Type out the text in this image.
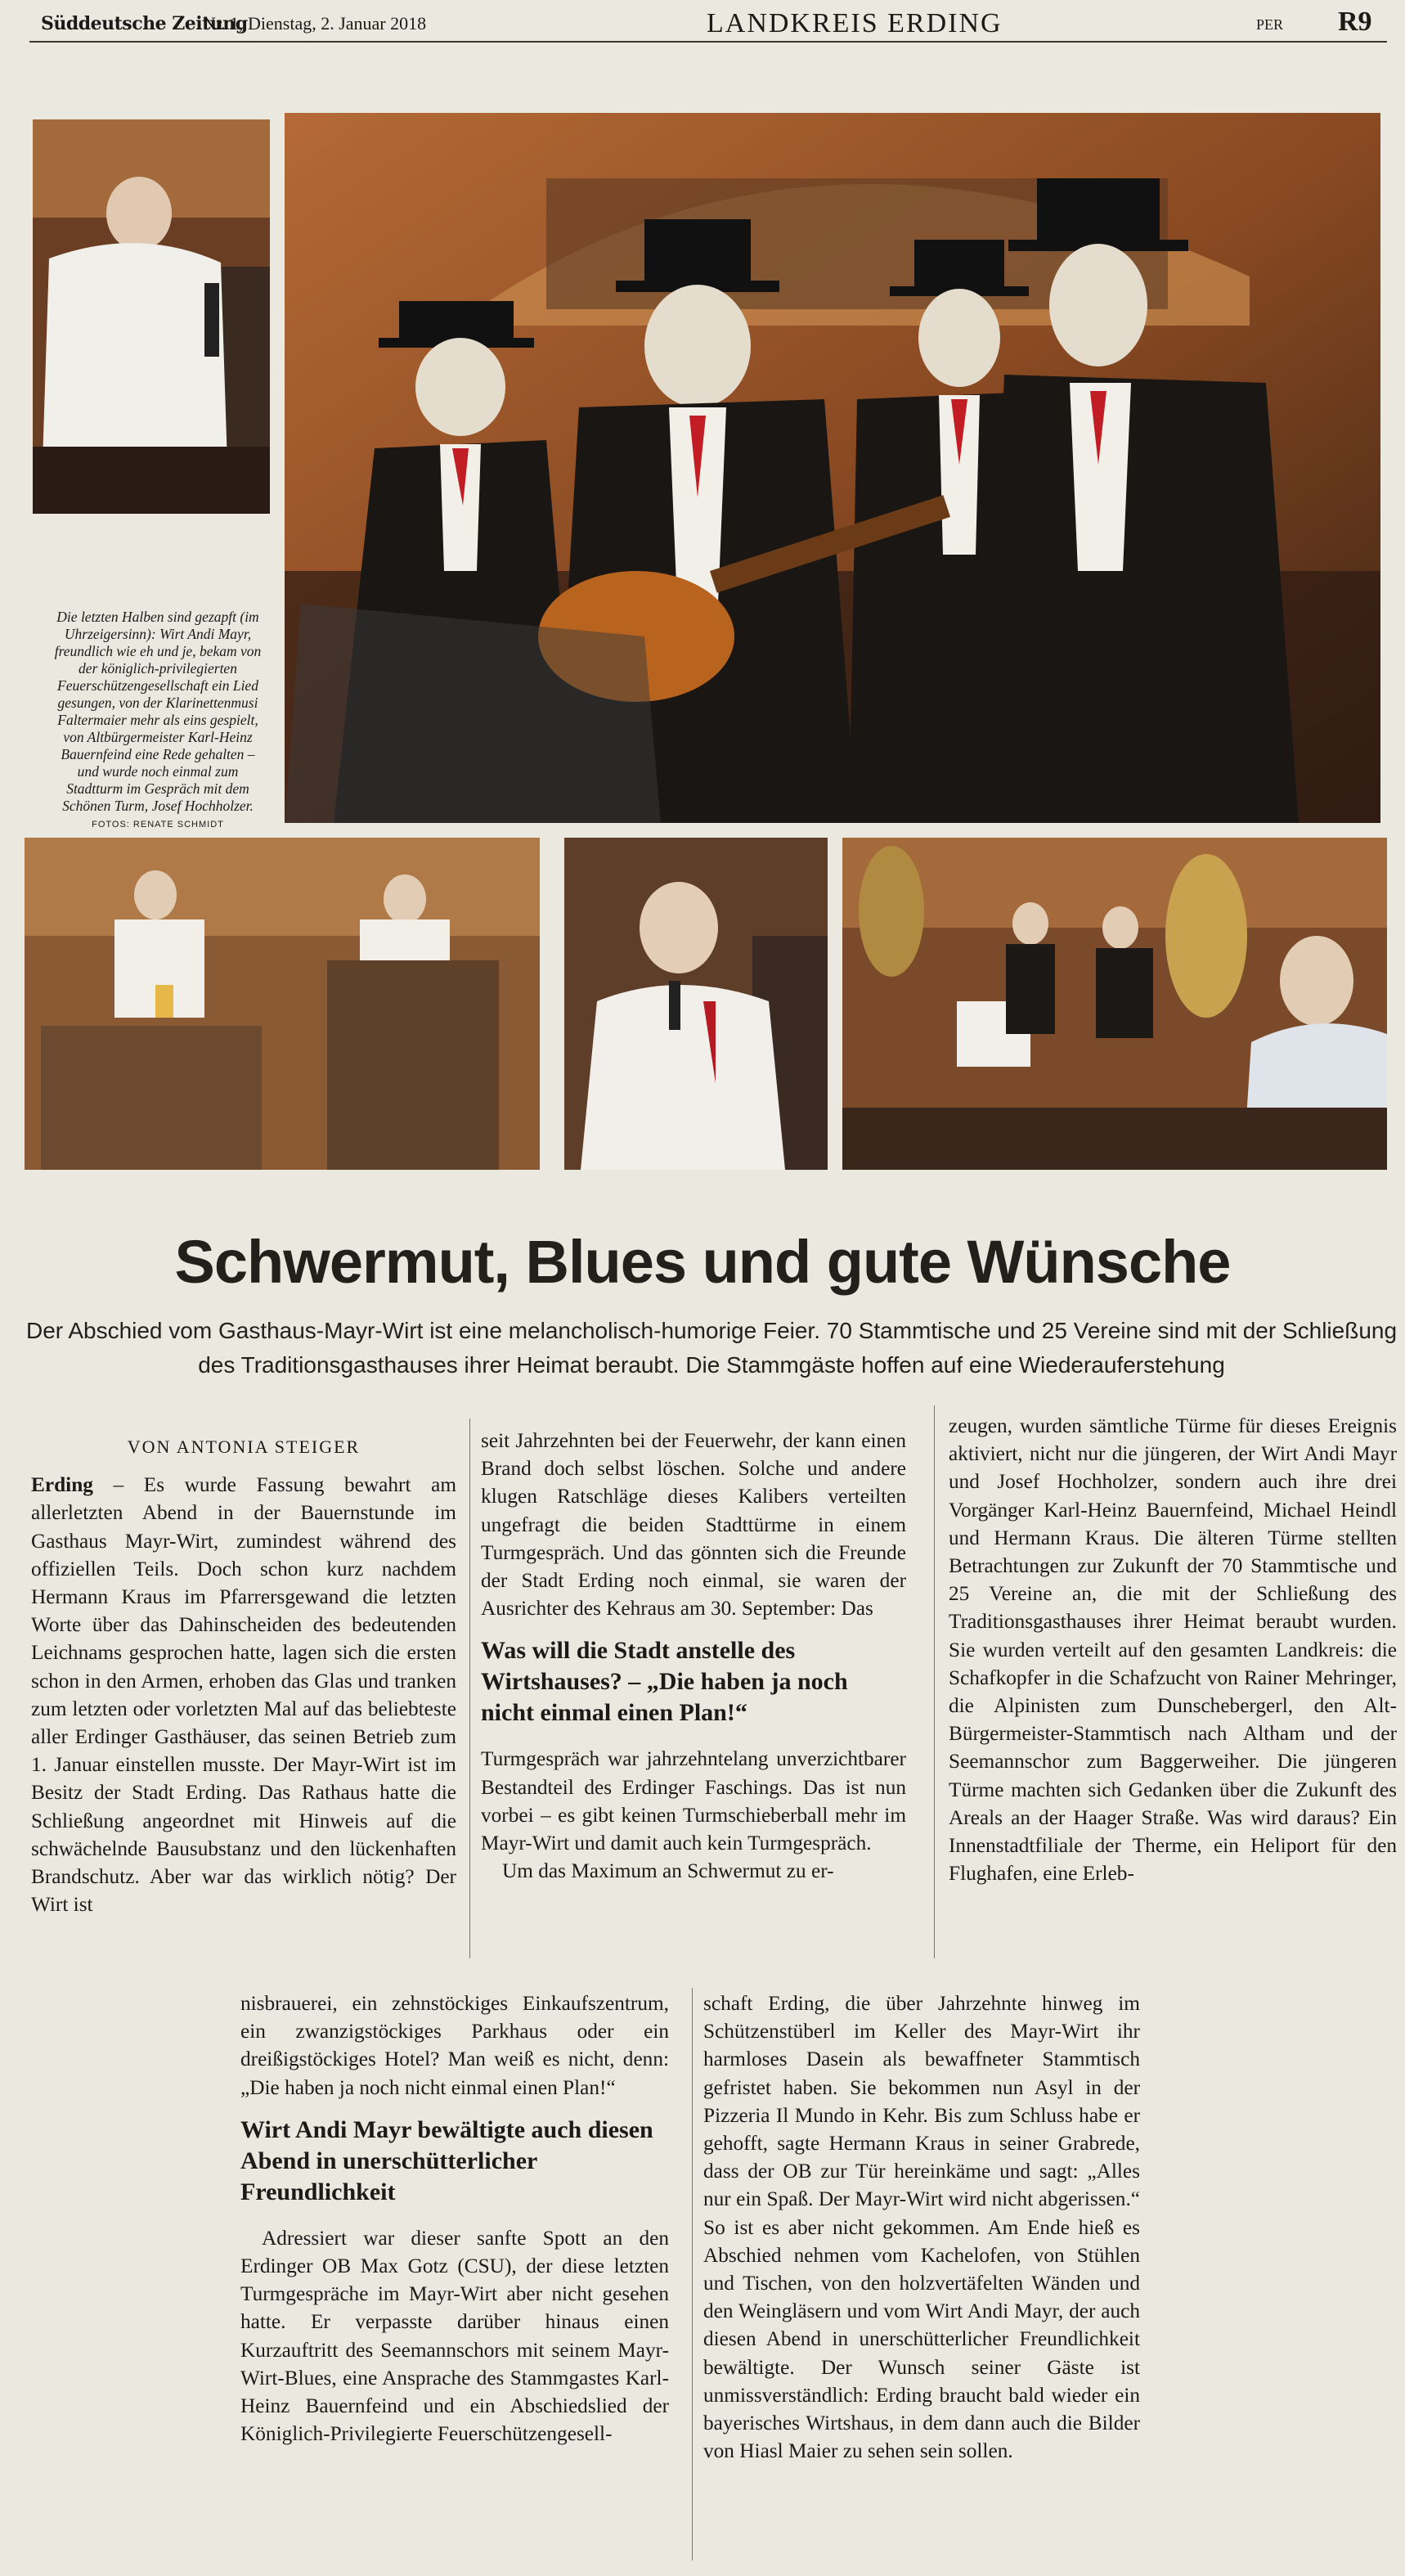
Süddeutsche Zeitung
Nr. 1, Dienstag, 2. Januar 2018	LANDKREIS ERDING	PER R9
Die letzten Halben sind gezapft (im Uhrzeigersinn): Wirt Andi Mayr, freundlich wie eh und je, bekam von der königlich-privilegierten Feuerschützengesellschaft ein Lied gesungen, von der Klarinettenmusi Faltermaier mehr als eins gespielt, von Altbürgermeister Karl-Heinz Bauernfeind eine Rede gehalten – und wurde noch einmal zum Stadtturm im Gespräch mit dem Schönen Turm, Josef Hochholzer.
FOTOS: RENATE SCHMIDT
Schwermut, Blues und gute Wünsche
Der Abschied vom Gasthaus-Mayr-Wirt ist eine melancholisch-humorige Feier. 70 Stammtische und 25 Vereine sind mit der Schließung des Traditionsgasthauses ihrer Heimat beraubt. Die Stammgäste hoffen auf eine Wiederauferstehung

VON ANTONIA STEIGER

Erding – Es wurde Fassung bewahrt am allerletzten Abend in der Bauernstunde im Gasthaus Mayr-Wirt, zumindest während des offiziellen Teils. Doch schon kurz nachdem Hermann Kraus im Pfarrersgewand die letzten Worte über das Dahinscheiden des bedeutenden Leichnams gesprochen hatte, lagen sich die ersten schon in den Armen, erhoben das Glas und tranken zum letzten oder vorletzten Mal auf das beliebteste aller Erdinger Gasthäuser, das seinen Betrieb zum 1. Januar einstellen musste. Der Mayr-Wirt ist im Besitz der Stadt Erding. Das Rathaus hatte die Schließung angeordnet mit Hinweis auf die schwächelnde Bausubstanz und den lückenhaften Brandschutz. Aber war das wirklich nötig? Der Wirt ist

seit Jahrzehnten bei der Feuerwehr, der kann einen Brand doch selbst löschen. Solche und andere klugen Ratschläge dieses Kalibers verteilten ungefragt die beiden Stadttürme in einem Turmgespräch. Und das gönnten sich die Freunde der Stadt Erding noch einmal, sie waren der Ausrichter des Kehraus am 30. September: Das

Was will die Stadt anstelle des Wirtshauses? – „Die haben ja noch nicht einmal einen Plan!“

Turmgespräch war jahrzehntelang unverzichtbarer Bestandteil des Erdinger Faschings. Das ist nun vorbei – es gibt keinen Turmschieberball mehr im Mayr-Wirt und damit auch kein Turmgespräch.

Um das Maximum an Schwermut zu er-

zeugen, wurden sämtliche Türme für dieses Ereignis aktiviert, nicht nur die jüngeren, der Wirt Andi Mayr und Josef Hochholzer, sondern auch ihre drei Vorgänger Karl-Heinz Bauernfeind, Michael Heindl und Hermann Kraus. Die älteren Türme stellten Betrachtungen zur Zukunft der 70 Stammtische und 25 Vereine an, die mit der Schließung des Traditionsgasthauses ihrer Heimat beraubt wurden. Sie wurden verteilt auf den gesamten Landkreis: die Schafkopfer in die Schafzucht von Rainer Mehringer, die Alpinisten zum Dunschebergerl, den Alt-Bürgermeister-Stammtisch nach Altham und der Seemannschor zum Baggerweiher. Die jüngeren Türme machten sich Gedanken über die Zukunft des Areals an der Haager Straße. Was wird daraus? Ein Innenstadtfiliale der Therme, ein Heliport für den Flughafen, eine Erleb-

nisbrauerei, ein zehnstöckiges Einkaufszentrum, ein zwanzigstöckiges Parkhaus oder ein dreißigstöckiges Hotel? Man weiß es nicht, denn: „Die haben ja noch nicht einmal einen Plan!“

Wirt Andi Mayr bewältigte auch diesen Abend in unerschütterlicher Freundlichkeit

Adressiert war dieser sanfte Spott an den Erdinger OB Max Gotz (CSU), der diese letzten Turmgespräche im Mayr-Wirt aber nicht gesehen hatte. Er verpasste darüber hinaus einen Kurzauftritt des Seemannschors mit seinem Mayr-Wirt-Blues, eine Ansprache des Stammgastes Karl-Heinz Bauernfeind und ein Abschiedslied der Königlich-Privilegierte Feuerschützengesell-

schaft Erding, die über Jahrzehnte hinweg im Schützenstüberl im Keller des Mayr-Wirt ihr harmloses Dasein als bewaffneter Stammtisch gefristet haben. Sie bekommen nun Asyl in der Pizzeria Il Mundo in Kehr. Bis zum Schluss habe er gehofft, sagte Hermann Kraus in seiner Grabrede, dass der OB zur Tür hereinkäme und sagt: „Alles nur ein Spaß. Der Mayr-Wirt wird nicht abgerissen.“ So ist es aber nicht gekommen. Am Ende hieß es Abschied nehmen vom Kachelofen, von Stühlen und Tischen, von den holzvertäfelten Wänden und den Weingläsern und vom Wirt Andi Mayr, der auch diesen Abend in unerschütterlicher Freundlichkeit bewältigte. Der Wunsch seiner Gäste ist unmissverständlich: Erding braucht bald wieder ein bayerisches Wirtshaus, in dem dann auch die Bilder von Hiasl Maier zu sehen sein sollen.
